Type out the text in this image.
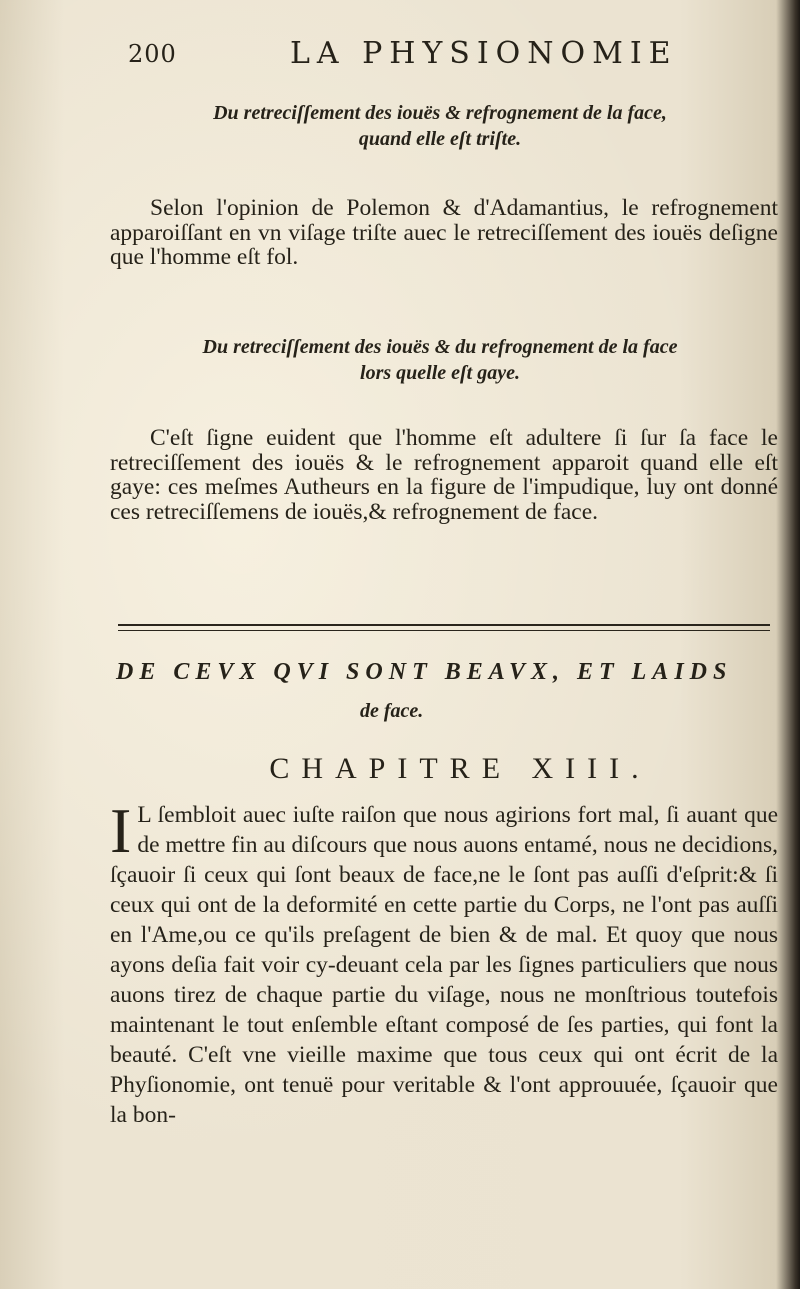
200	LA PHYSIONOMIE
Du retreciſſement des iouës & refrognement de la face,
quand elle eſt triſte.

Selon l'opinion de Polemon & d'Adamantius, le refrognement apparoiſſant en vn viſage triſte auec le retreciſſement des iouës deſigne que l'homme eſt fol.

Du retreciſſement des iouës & du refrognement de la face
lors quelle eſt gaye.

C'eſt ſigne euident que l'homme eſt adultere ſi ſur ſa face le retreciſſement des iouës & le refrognement apparoit quand elle eſt gaye: ces meſmes Autheurs en la figure de l'impudique, luy ont donné ces retreciſſemens de iouës,& refrognement de face.

DE CEVX QVI SONT BEAVX, ET LAIDS
de face.
CHAPITRE XIII.
I L ſembloit auec iuſte raiſon que nous agirions fort mal, ſi auant que de mettre fin au diſcours que nous auons entamé, nous ne decidions, ſçauoir ſi ceux qui ſont beaux de face,ne le ſont pas auſſi d'eſprit:& ſi ceux qui ont de la deformité en cette partie du Corps, ne l'ont pas auſſi en l'Ame,ou ce qu'ils preſagent de bien & de mal. Et quoy que nous ayons deſia fait voir cy-deuant cela par les ſignes particuliers que nous auons tirez de chaque partie du viſage, nous ne monſtrious toutefois maintenant le tout enſemble eſtant composé de ſes parties, qui font la beauté. C'eſt vne vieille maxime que tous ceux qui ont écrit de la Phyſionomie, ont tenuë pour veritable & l'ont approuuée, ſçauoir que la bon-
